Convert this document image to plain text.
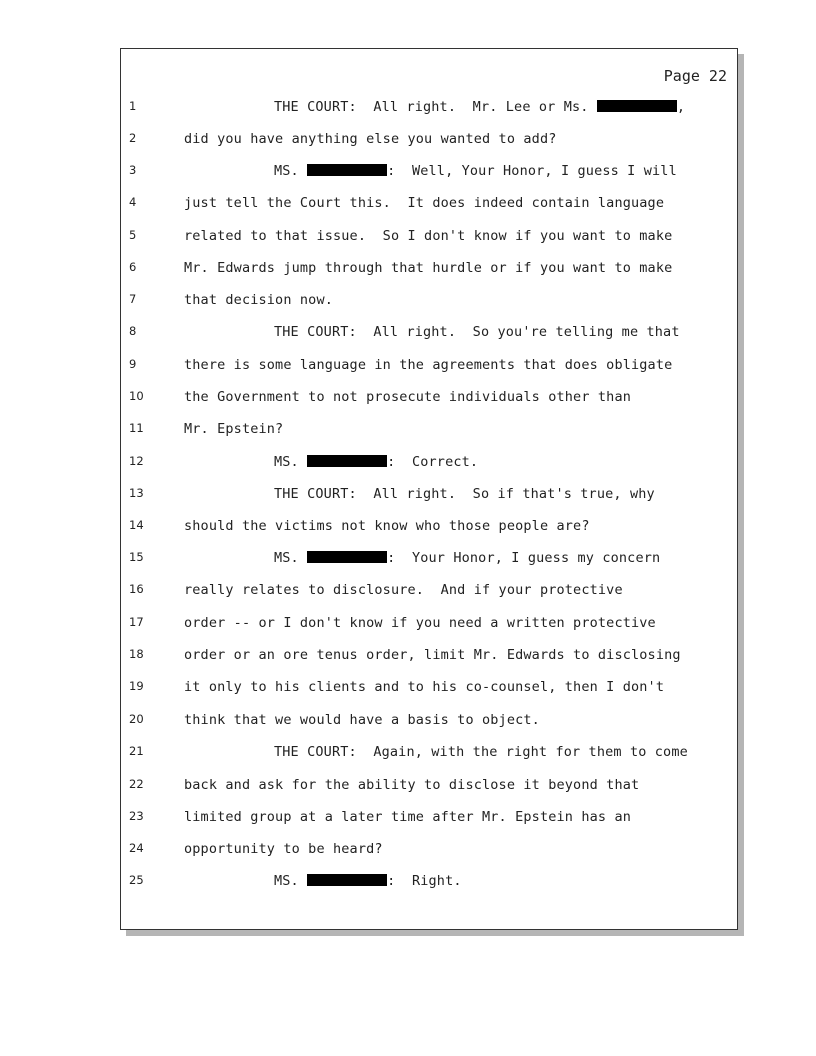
Page 22
1	THE COURT:  All right.  Mr. Lee or Ms.	,
2	did you have anything else you wanted to add?
3	MS.	:  Well, Your Honor, I guess I will
4	just tell the Court this.  It does indeed contain language
5	related to that issue.  So I don't know if you want to make
6	Mr. Edwards jump through that hurdle or if you want to make
7	that decision now.
8	THE COURT:  All right.  So you're telling me that
9	there is some language in the agreements that does obligate
10	the Government to not prosecute individuals other than
11	Mr. Epstein?
12	MS.	:  Correct.
13	THE COURT:  All right.  So if that's true, why
14	should the victims not know who those people are?
15	MS.	:  Your Honor, I guess my concern
16	really relates to disclosure.  And if your protective
17	order -- or I don't know if you need a written protective
18	order or an ore tenus order, limit Mr. Edwards to disclosing
19	it only to his clients and to his co-counsel, then I don't
20	think that we would have a basis to object.
21	THE COURT:  Again, with the right for them to come
22	back and ask for the ability to disclose it beyond that
23	limited group at a later time after Mr. Epstein has an
24	opportunity to be heard?
25	MS.	:  Right.
